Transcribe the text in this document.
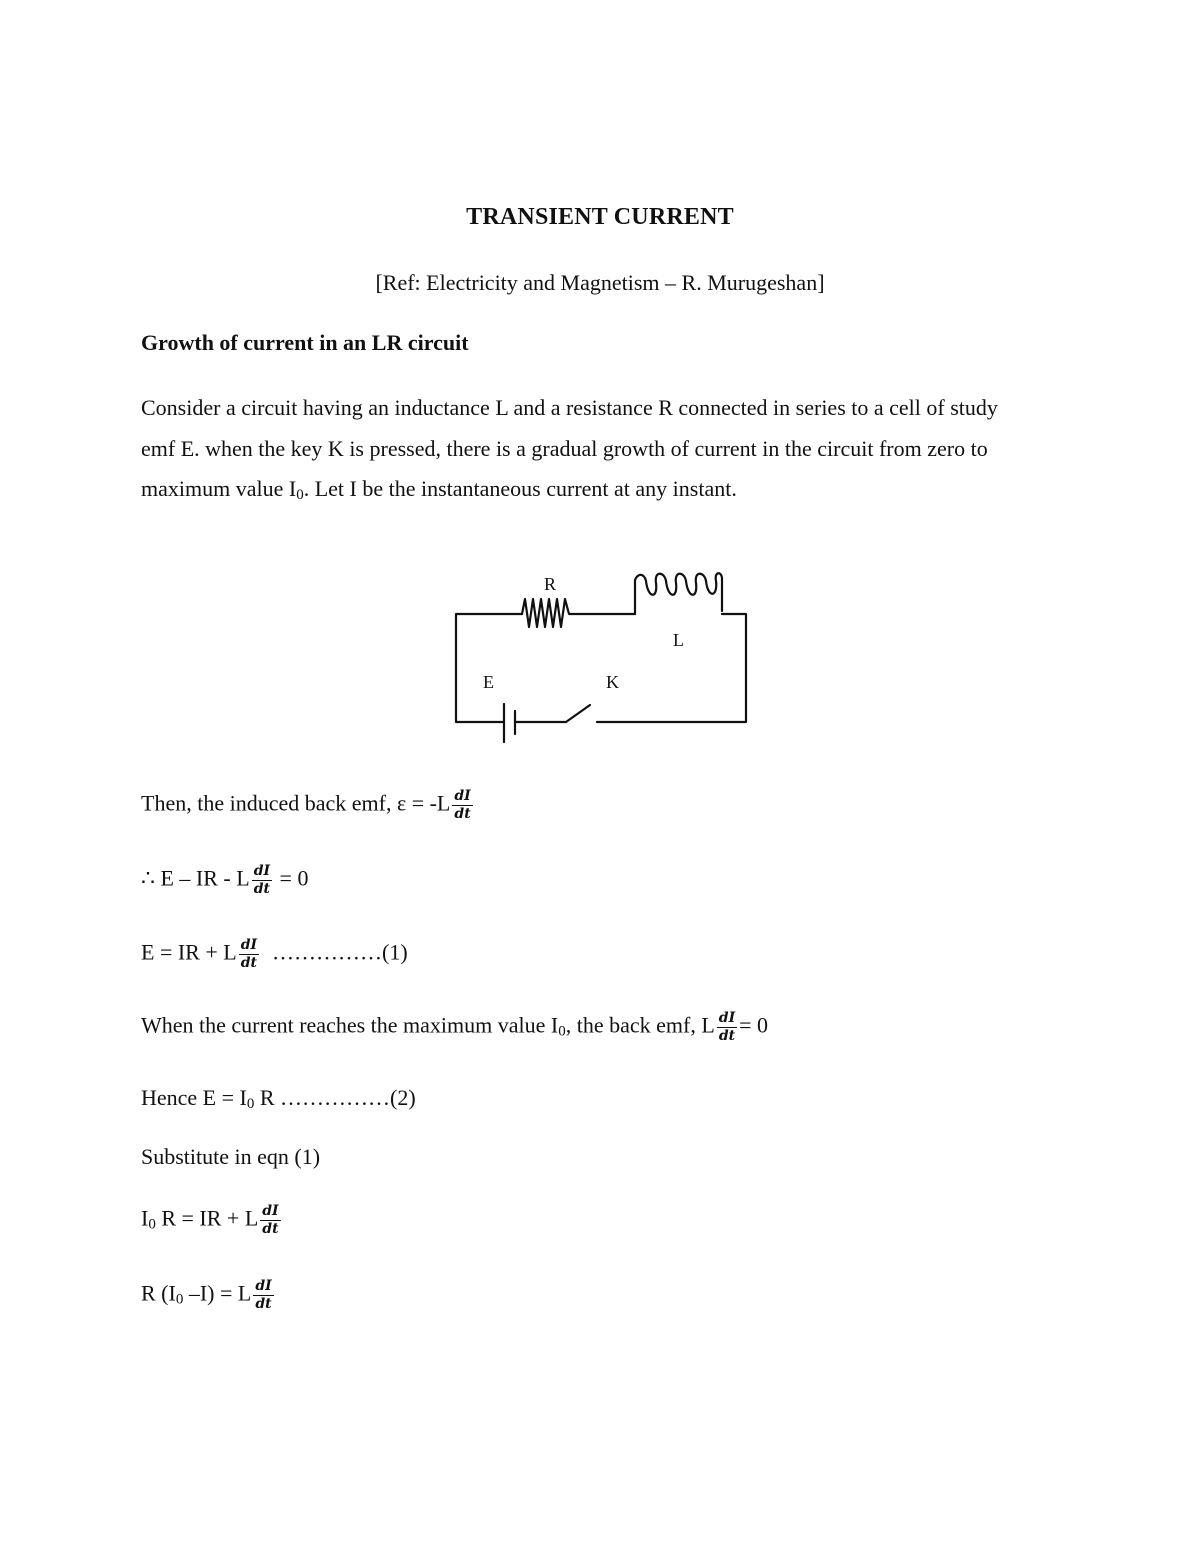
TRANSIENT CURRENT
[Ref: Electricity and Magnetism – R. Murugeshan]
Growth of current in an LR circuit
Consider a circuit having an inductance L and a resistance R connected in series to a cell of study
emf E. when the key K is pressed, there is a gradual growth of current in the circuit from zero to
maximum value $I_0$. Let I be the instantaneous current at any instant.
R
L
E	K
Then, the induced back emf, $\varepsilon = -L \frac{dI}{dt}$
∴ E – IR - L $\frac{dI}{dt} = 0$
E = IR + L $\frac{dI}{dt}$ ……………(1)
When the current reaches the maximum value $I_0$, the back emf, L $\frac{dI}{dt} = 0$
Hence $E = I_0$ R ……………(2)
Substitute in eqn (1)
$I_0$ R = IR + L $\frac{dI}{dt}$
R ($I_0$ –I) = L $\frac{dI}{dt}$
